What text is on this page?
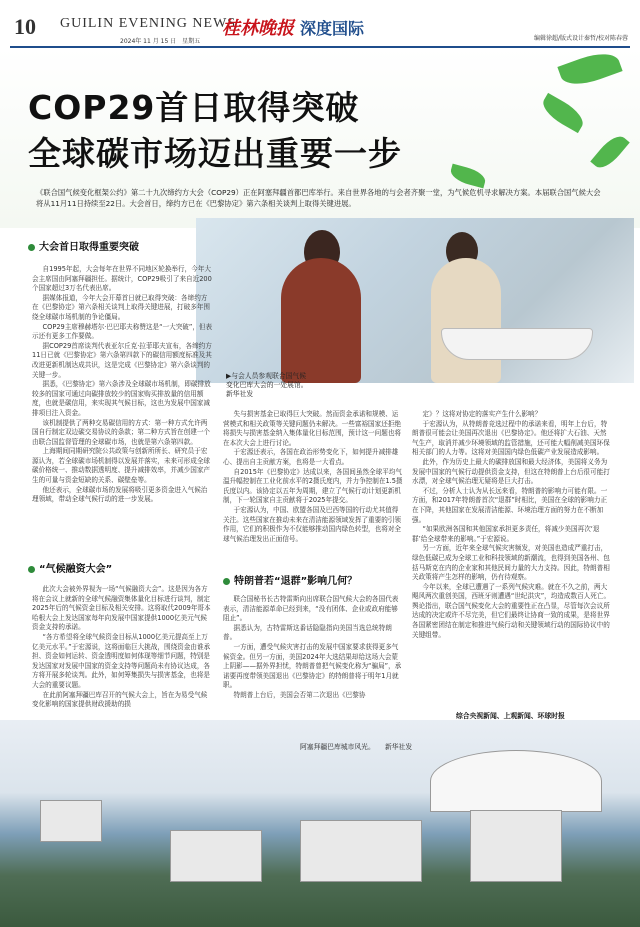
10 GUILIN EVENING NEWS
2024年 11 月 15 日　星期五
桂林晚报 深度国际
编辑徐超/版式设计秦哲/校对陈春蓉
COP29首日取得突破
全球碳市场迈出重要一步
《联合国气候变化框架公约》第二十九次缔约方大会（COP29）正在阿塞拜疆首都巴库举行。来自世界各地的与会者齐聚一堂，为气候危机寻求解决方案。本届联合国气候大会将从11月11日持续至22日。大会首日，缔约方已在《巴黎协定》第六条相关谈判上取得关键进展。
▶与会人员参观联合国气候
变化巴库大会的一处展馆。
新华社发
大会首日取得重要突破

自1995年起，大会每年在世界不同地区轮换举行，今年大会主席国由阿塞拜疆担任。据统计，COP29吸引了来自近200个国家超过3万名代表出席。

据媒体报道，今年大会开幕首日就已取得突破：各缔约方在《巴黎协定》第六条相关谈判上取得关键进展，打破多年围绕全球碳市场机制的争论僵局。

COP29主席穆赫塔尔·巴巴耶夫称赞这是“一大突破”，但表示还有更多工作要做。

据COP29首席谈判代表亚尔丘克·拉菲耶夫宣布，各缔约方11日已就《巴黎协定》第六条第四款下的碳信用额度标准及其改进更新机制达成共识，这是完成《巴黎协定》第六条谈判的关键一步。

据悉，《巴黎协定》第六条涉及全球碳市场机制，即碳排放较多的国家可通过向碳排放较少的国家购买排放量的信用额度，也就是碳信用，来实现其气候目标，这也为发展中国家减排项目注入资金。

该机制提供了两种交易碳信用的方式：第一种方式允许两国自行制定双边碳交易协议的条款；第二种方式旨在创建一个由联合国监督管理的全球碳市场，也就是第六条第四款。

上海期间同期研究院公共政策与创新所所长、研究员于宏源认为，若全球碳市场机制得以发展并落实，未来可形成全球碳价格统一、推动数据透明度、提升减排效率，并减少国家产生的可量与资金短缺的关系、碳壁垒等。

他还表示，全球碳市场的发展将吸引更多资金进入气候治理领域，带动全球气候行动的进一步发展。

“气候融资大会”

此次大会被外界视为一场“气候融资大会”。这是因为各方将在会议上就新的全球气候融资集体量化目标进行谈判，制定2025年后的气候资金目标及相关安排。这将取代2009年哥本哈根大会上发达国家每年向发展中国家提供1000亿美元气候资金支持的承诺。

“各方希望将全球气候资金目标从1000亿美元提高至上万亿美元水平。”于宏源说，这将面临巨大挑战，围绕资金由谁承担、资金如何运转、资金透明度如何体现等细节问题，特别是发达国家对发展中国家的资金支持等问题尚未有协议达成，各方将开展多轮谈判。此外，如何筹集损失与损害基金，也将是大会的重要议题。

在此前阿塞拜疆巴库召开的气候大会上，旨在为易受气候变化影响的国家提供财政援助的损

失与损害基金已取得巨大突破。然而资金承诺和规模、运营模式和相关政策等关键问题仍未解决。一些富裕国家还拒绝将损失与损害基金纳入集体量化目标范围，预计这一问题也将在本次大会上进行讨论。

于宏源还表示，各国在政治形势变化下，如何提升减排雄心、提出自主贡献方案，也将是一大看点。

自2015年《巴黎协定》达成以来，各国间虽然全球平均气温升幅控制在工业化前水平的2摄氏度内，并力争控制在1.5摄氏度以内。该协定以五年为周期，建立了气候行动计划更新机制，下一轮国家自主贡献将于2025年提交。

于宏源认为，中国、欧盟各国及巴西等国的行动尤其值得关注。这些国家在推动未来在清洁能源领域发挥了重要的引领作用，它们的积极作为不仅能够推动国内绿色转型，也将对全球气候治理发出正面信号。

特朗普若“退群”影响几何？

联合国秘书长古特雷斯向出席联合国气候大会的各国代表表示，清洁能源革命已经到来，“没有团体、企业或政府能够阻止”。

据悉认为，古特雷斯这番话隐隐指向美国当选总统特朗普。

一方面，遭受气候灾害打击的发展中国家要求获得更多气候资金。但另一方面，美国2024年大选结果却给这场大会蒙上阴影——据外界担忧，特朗普曾把气候变化称为“骗局”，承诺要再度带领美国退出《巴黎协定》的特朗普将于明年1月就职。

特朗普上台后，美国会否第二次退出《巴黎协

定》？这将对协定的落实产生什么影响？

于宏源认为，从特朗普竞选过程中的承诺来看，明年上台后，特朗普很可能会让美国再次退出《巴黎协定》。他还将扩大石油、天然气生产，取消并减少环境领域的监管措施，还可能大幅削减美国环保相关部门的人力等。这将对美国国内绿色低碳产业发展造成影响。

此外，作为历史上最大的碳排放国和最大经济体，美国将义务为发展中国家的气候行动提供资金支持，但这在特朗普上台后很可能打水漂，对全球气候治理无疑将是巨大打击。

不过，分析人士认为从长远来看，特朗普的影响力可能有限。一方面，和2017年特朗普首次“退群”时相比，美国在全球的影响力正在下降，其他国家在发展清洁能源、环境治理方面的努力在不断加强。

“如果欧洲各国和其他国家承担更多责任，将减少美国再次‘退群’给全球带来的影响。”于宏源说。

另一方面，近年来全球气候灾害频发，对美国也造成严重打击，绿色低碳已成为全球工业和科技领域的新潮流，也得到美国各州、包括马斯克在内的企业家和其他民间力量的大力支持。因此，特朗普相关政策将产生怎样的影响，仍有待观察。

今年以来，全球已遭遇了一系列气候灾难。就在不久之前，两大飓风两次重创美国，西班牙则遭遇“世纪洪灾”，均造成数百人死亡。舆论指出，联合国气候变化大会的重要性正在凸显，尽管每次会议所达成的决定或许不尽完美，但它们最终让协商一致的成果，是将世界各国紧密团结在制定和推进气候行动和关键领域行动的国际协议中的关键组带。

综合央视新闻、上观新闻、环球时报
阿塞拜疆巴库城市风光。　　新华社发
